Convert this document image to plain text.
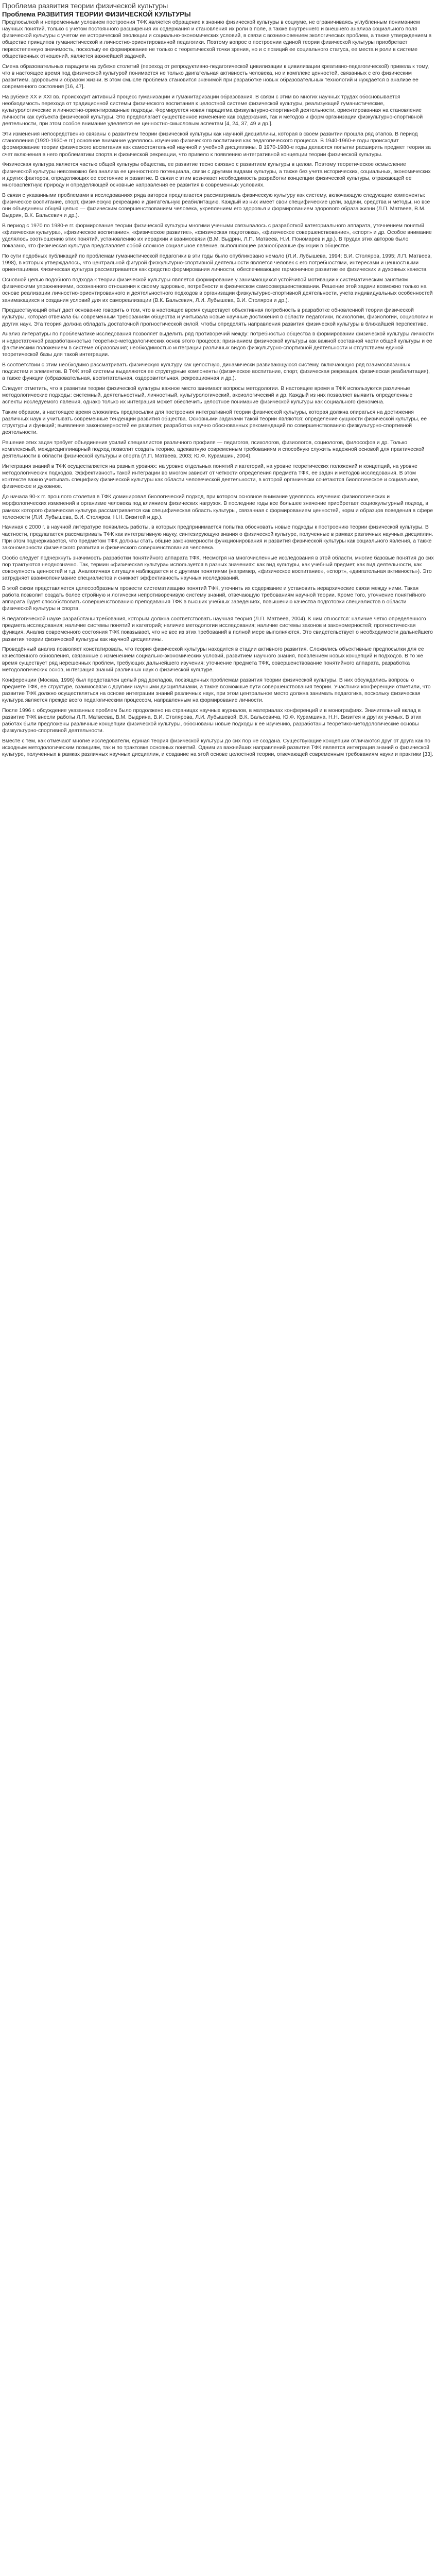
Проблема развития теории физической культуры
Проблема РАЗВИТИЯ ТЕОРИИ ФИЗИЧЕСКОЙ КУЛЬТУРЫ

Предпосылкой и непременным условием построения ТФК является обращение к знанию физической культуры в социуме, не ограничиваясь углубленным пониманием научных понятий, только с учетом постоянного расширения их содержания и становления их роли в поле, а также внутреннего и внешнего анализа социального поля физической культуры с учетом ее исторической эволюции и социально-экономических условий, в связи с возникновением экологических проблем, а также утверждением в обществе принципов гуманистической и личностно-ориентированной педагогики. Поэтому вопрос о построении единой теории физической культуры приобретает первостепенную значимость, поскольку ее формирование не только с теоретической точки зрения, но и с позиций ее социального статуса, ее места и роли в системе общественных отношений, является важнейшей задачей.

Смена образовательных парадигм на рубеже столетий (переход от репродуктивно-педагогической цивилизации к цивилизации креативно-педагогической) привела к тому, что в настоящее время под физической культурой понимается не только двигательная активность человека, но и комплекс ценностей, связанных с его физическим развитием, здоровьем и образом жизни. В этом смысле проблема становится значимой при разработке новых образовательных технологий и нуждается в анализе ее современного состояния [16, 47].

На рубеже XX и XXI вв. происходит активный процесс гуманизации и гуманитаризации образования. В связи с этим во многих научных трудах обосновывается необходимость перехода от традиционной системы физического воспитания к целостной системе физической культуры, реализующей гуманистические, культурологические и личностно-ориентированные подходы. Формируется новая парадигма физкультурно-спортивной деятельности, ориентированная на становление личности как субъекта физической культуры. Это предполагает существенное изменение как содержания, так и методов и форм организации физкультурно-спортивной деятельности, при этом особое внимание уделяется ее ценностно-смысловым аспектам [4, 24, 37, 49 и др.].

Эти изменения непосредственно связаны с развитием теории физической культуры как научной дисциплины, которая в своем развитии прошла ряд этапов. В период становления (1920-1930-е гг.) основное внимание уделялось изучению физического воспитания как педагогического процесса. В 1940-1960-е годы происходит формирование теории физического воспитания как самостоятельной научной и учебной дисциплины. В 1970-1980-е годы делаются попытки расширить предмет теории за счет включения в него проблематики спорта и физической рекреации, что привело к появлению интегративной концепции теории физической культуры.

Физическая культура является частью общей культуры общества, ее развитие тесно связано с развитием культуры в целом. Поэтому теоретическое осмысление физической культуры невозможно без анализа ее ценностного потенциала, связи с другими видами культуры, а также без учета исторических, социальных, экономических и других факторов, определяющих ее состояние и развитие. В связи с этим возникает необходимость разработки концепции физической культуры, отражающей ее многоаспектную природу и определяющей основные направления ее развития в современных условиях.

В связи с указанными проблемами в исследованиях ряда авторов предлагается рассматривать физическую культуру как систему, включающую следующие компоненты: физическое воспитание, спорт, физическую рекреацию и двигательную реабилитацию. Каждый из них имеет свои специфические цели, задачи, средства и методы, но все они объединены общей целью — физическим совершенствованием человека, укреплением его здоровья и формированием здорового образа жизни (Л.П. Матвеев, В.М. Выдрин, В.К. Бальсевич и др.).

В период с 1970 по 1980-е гг. формирование теории физической культуры многими учеными связывалось с разработкой категориального аппарата, уточнением понятий «физическая культура», «физическое воспитание», «физическое развитие», «физическая подготовка», «физическое совершенствование», «спорт» и др. Особое внимание уделялось соотношению этих понятий, установлению их иерархии и взаимосвязи (В.М. Выдрин, Л.П. Матвеев, Н.И. Пономарев и др.). В трудах этих авторов было показано, что физическая культура представляет собой сложное социальное явление, выполняющее разнообразные функции в обществе.

По сути подобных публикаций по проблемам гуманистической педагогики в эти годы было опубликовано немало (Л.И. Лубышева, 1994; В.И. Столяров, 1995; Л.П. Матвеев, 1998), в которых утверждалось, что центральной фигурой физкультурно-спортивной деятельности является человек с его потребностями, интересами и ценностными ориентациями. Физическая культура рассматривается как средство формирования личности, обеспечивающее гармоничное развитие ее физических и духовных качеств.

Основной целью подобного подхода к теории физической культуры является формирование у занимающихся устойчивой мотивации к систематическим занятиям физическими упражнениями, осознанного отношения к своему здоровью, потребности в физическом самосовершенствовании. Решение этой задачи возможно только на основе реализации личностно-ориентированного и деятельностного подходов в организации физкультурно-спортивной деятельности, учета индивидуальных особенностей занимающихся и создания условий для их самореализации (В.К. Бальсевич, Л.И. Лубышева, В.И. Столяров и др.).

Предшествующий опыт дает основание говорить о том, что в настоящее время существует объективная потребность в разработке обновленной теории физической культуры, которая отвечала бы современным требованиям общества и учитывала новые научные достижения в области педагогики, психологии, физиологии, социологии и других наук. Эта теория должна обладать достаточной прогностической силой, чтобы определять направления развития физической культуры в ближайшей перспективе.

Анализ литературы по проблематике исследования позволяет выделить ряд противоречий между: потребностью общества в формировании физической культуры личности и недостаточной разработанностью теоретико-методологических основ этого процесса; признанием физической культуры как важной составной части общей культуры и ее фактическим положением в системе образования; необходимостью интеграции различных видов физкультурно-спортивной деятельности и отсутствием единой теоретической базы для такой интеграции.

В соответствии с этим необходимо рассматривать физическую культуру как целостную, динамически развивающуюся систему, включающую ряд взаимосвязанных подсистем и элементов. В ТФК этой системы выделяются ее структурные компоненты (физическое воспитание, спорт, физическая рекреация, физическая реабилитация), а также функции (образовательная, воспитательная, оздоровительная, рекреационная и др.).

Следует отметить, что в развитии теории физической культуры важное место занимают вопросы методологии. В настоящее время в ТФК используются различные методологические подходы: системный, деятельностный, личностный, культурологический, аксиологический и др. Каждый из них позволяет выявить определенные аспекты исследуемого явления, однако только их интеграция может обеспечить целостное понимание физической культуры как социального феномена.

Таким образом, в настоящее время сложились предпосылки для построения интегративной теории физической культуры, которая должна опираться на достижения различных наук и учитывать современные тенденции развития общества. Основными задачами такой теории являются: определение сущности физической культуры, ее структуры и функций; выявление закономерностей ее развития; разработка научно обоснованных рекомендаций по совершенствованию физкультурно-спортивной деятельности.

Решение этих задач требует объединения усилий специалистов различного профиля — педагогов, психологов, физиологов, социологов, философов и др. Только комплексный, междисциплинарный подход позволит создать теорию, адекватную современным требованиям и способную служить надежной основой для практической деятельности в области физической культуры и спорта (Л.П. Матвеев, 2003; Ю.Ф. Курамшин, 2004).

Интеграция знаний в ТФК осуществляется на разных уровнях: на уровне отдельных понятий и категорий, на уровне теоретических положений и концепций, на уровне методологических подходов. Эффективность такой интеграции во многом зависит от четкости определения предмета ТФК, ее задач и методов исследования. В этом контексте важно учитывать специфику физической культуры как области человеческой деятельности, в которой органически сочетаются биологическое и социальное, физическое и духовное.

До начала 90-х гг. прошлого столетия в ТФК доминировал биологический подход, при котором основное внимание уделялось изучению физиологических и морфологических изменений в организме человека под влиянием физических нагрузок. В последние годы все большее значение приобретает социокультурный подход, в рамках которого физическая культура рассматривается как специфическая область культуры, связанная с формированием ценностей, норм и образцов поведения в сфере телесности (Л.И. Лубышева, В.И. Столяров, Н.Н. Визитей и др.).

Начиная с 2000 г. в научной литературе появились работы, в которых предпринимается попытка обосновать новые подходы к построению теории физической культуры. В частности, предлагается рассматривать ТФК как интегративную науку, синтезирующую знания о физической культуре, полученные в рамках различных научных дисциплин. При этом подчеркивается, что предметом ТФК должны стать общие закономерности функционирования и развития физической культуры как социального явления, а также закономерности физического развития и физического совершенствования человека.

Особо следует подчеркнуть значимость разработки понятийного аппарата ТФК. Несмотря на многочисленные исследования в этой области, многие базовые понятия до сих пор трактуются неоднозначно. Так, термин «физическая культура» используется в разных значениях: как вид культуры, как учебный предмет, как вид деятельности, как совокупность ценностей и т.д. Аналогичная ситуация наблюдается и с другими понятиями (например, «физическое воспитание», «спорт», «двигательная активность»). Это затрудняет взаимопонимание специалистов и снижает эффективность научных исследований.

В этой связи представляется целесообразным провести систематизацию понятий ТФК, уточнить их содержание и установить иерархические связи между ними. Такая работа позволит создать более стройную и логически непротиворечивую систему знаний, отвечающую требованиям научной теории. Кроме того, уточнение понятийного аппарата будет способствовать совершенствованию преподавания ТФК в высших учебных заведениях, повышению качества подготовки специалистов в области физической культуры и спорта.

В педагогической науке разработаны требования, которым должна соответствовать научная теория (Л.П. Матвеев, 2004). К ним относятся: наличие четко определенного предмета исследования; наличие системы понятий и категорий; наличие методологии исследования; наличие системы законов и закономерностей; прогностическая функция. Анализ современного состояния ТФК показывает, что не все из этих требований в полной мере выполняются. Это свидетельствует о необходимости дальнейшего развития теории физической культуры как научной дисциплины.

Проведённый анализ позволяет констатировать, что теория физической культуры находится в стадии активного развития. Сложились объективные предпосылки для ее качественного обновления, связанные с изменением социально-экономических условий, развитием научного знания, появлением новых концепций и подходов. В то же время существует ряд нерешенных проблем, требующих дальнейшего изучения: уточнение предмета ТФК, совершенствование понятийного аппарата, разработка методологических основ, интеграция знаний различных наук о физической культуре.

Конференции (Москва, 1996) был представлен целый ряд докладов, посвященных проблемам развития теории физической культуры. В них обсуждались вопросы о предмете ТФК, ее структуре, взаимосвязи с другими научными дисциплинами, а также возможные пути совершенствования теории. Участники конференции отметили, что развитие ТФК должно осуществляться на основе интеграции знаний различных наук, при этом центральное место должна занимать педагогика, поскольку физическая культура является прежде всего педагогическим процессом, направленным на формирование личности.

После 1996 г. обсуждение указанных проблем было продолжено на страницах научных журналов, в материалах конференций и в монографиях. Значительный вклад в развитие ТФК внесли работы Л.П. Матвеева, В.М. Выдрина, В.И. Столярова, Л.И. Лубышевой, В.К. Бальсевича, Ю.Ф. Курамшина, Н.Н. Визитея и других ученых. В этих работах были предложены различные концепции физической культуры, обоснованы новые подходы к ее изучению, разработаны теоретико-методологические основы физкультурно-спортивной деятельности.

Вместе с тем, как отмечают многие исследователи, единая теория физической культуры до сих пор не создана. Существующие концепции отличаются друг от друга как по исходным методологическим позициям, так и по трактовке основных понятий. Одним из важнейших направлений развития ТФК является интеграция знаний о физической культуре, полученных в рамках различных научных дисциплин, и создание на этой основе целостной теории, отвечающей современным требованиям науки и практики [33].
